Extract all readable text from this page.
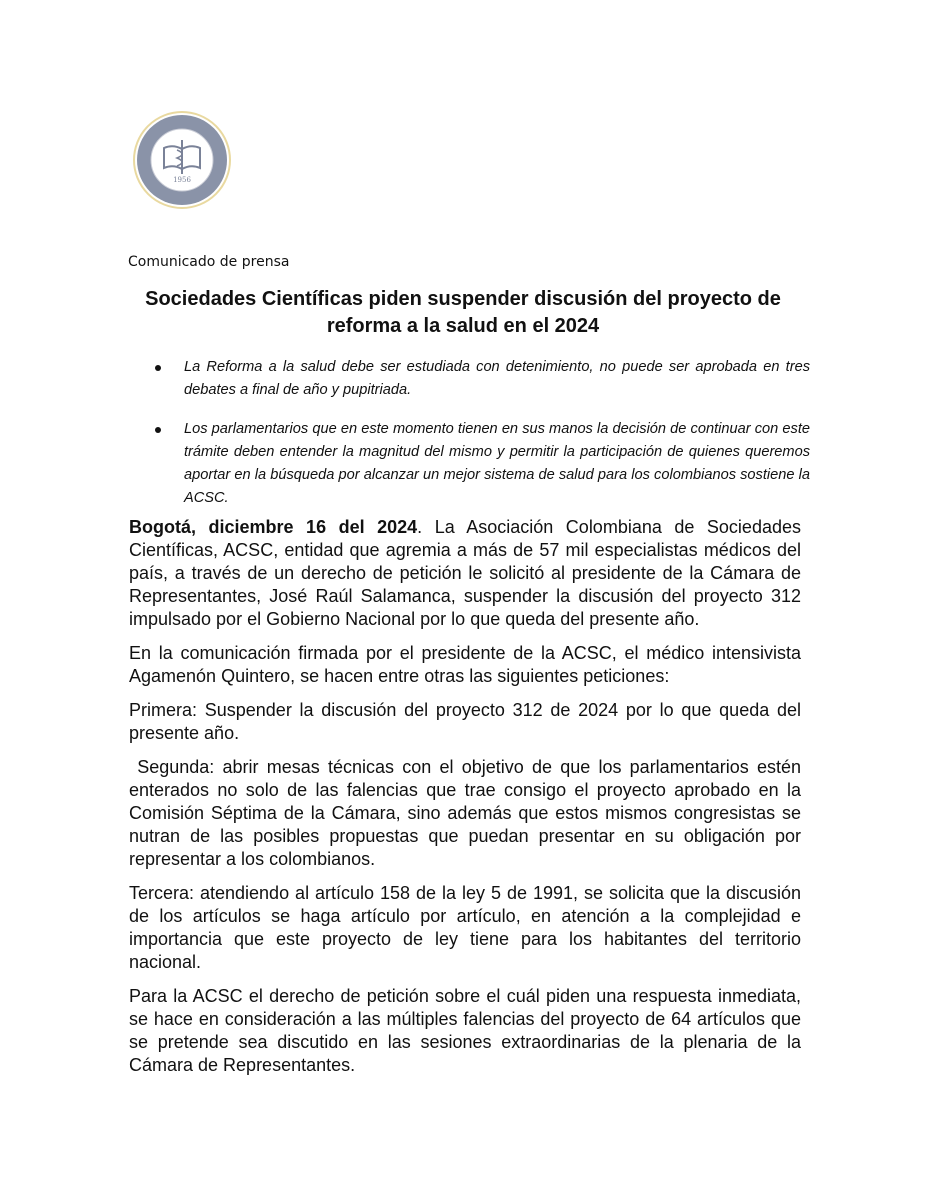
1956
Comunicado de prensa
Sociedades Científicas piden suspender discusión del proyecto de reforma a la salud en el 2024
La Reforma a la salud debe ser estudiada con detenimiento, no puede ser aprobada en tres debates a final de año y pupitriada.
Los parlamentarios que en este momento tienen en sus manos la decisión de continuar con este trámite deben entender la magnitud del mismo y permitir la participación de quienes queremos aportar en la búsqueda por alcanzar un mejor sistema de salud para los colombianos sostiene la ACSC.

Bogotá, diciembre 16 del 2024. La Asociación Colombiana de Sociedades Científicas, ACSC, entidad que agremia a más de 57 mil especialistas médicos del país, a través de un derecho de petición le solicitó al presidente de la Cámara de Representantes, José Raúl Salamanca, suspender la discusión del proyecto 312 impulsado por el Gobierno Nacional por lo que queda del presente año.

En la comunicación firmada por el presidente de la ACSC, el médico intensivista Agamenón Quintero, se hacen entre otras las siguientes peticiones:

Primera: Suspender la discusión del proyecto 312 de 2024 por lo que queda del presente año.

Segunda: abrir mesas técnicas con el objetivo de que los parlamentarios estén enterados no solo de las falencias que trae consigo el proyecto aprobado en la Comisión Séptima de la Cámara, sino además que estos mismos congresistas se nutran de las posibles propuestas que puedan presentar en su obligación por representar a los colombianos.

Tercera: atendiendo al artículo 158 de la ley 5 de 1991, se solicita que la discusión de los artículos se haga artículo por artículo, en atención a la complejidad e importancia que este proyecto de ley tiene para los habitantes del territorio nacional.

Para la ACSC el derecho de petición sobre el cuál piden una respuesta inmediata, se hace en consideración a las múltiples falencias del proyecto de 64 artículos que se pretende sea discutido en las sesiones extraordinarias de la plenaria de la Cámara de Representantes.
